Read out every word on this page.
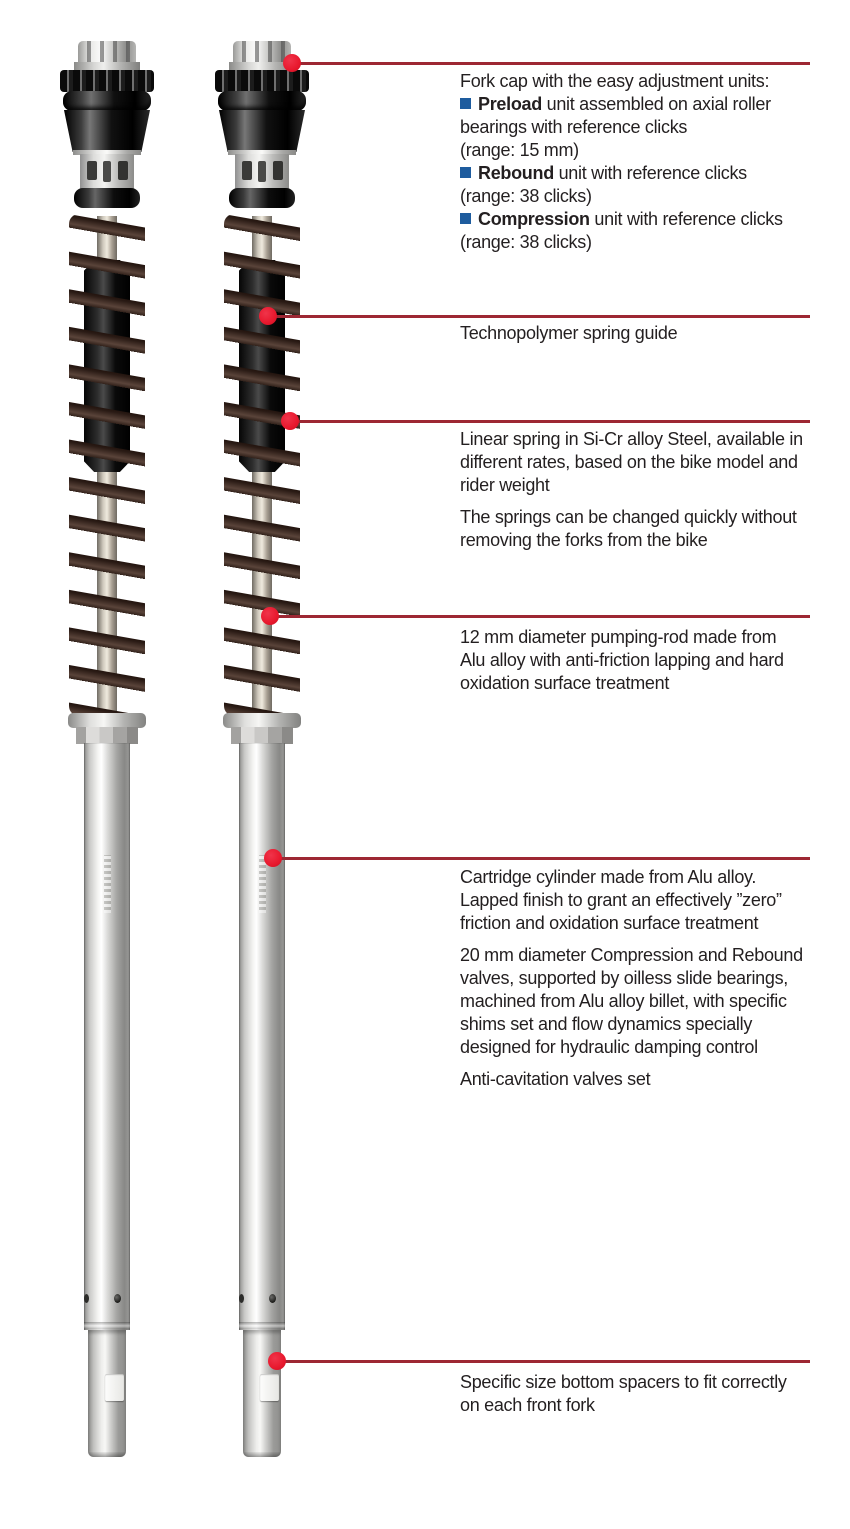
Fork cap with the easy adjustment units:

Preload unit assembled on axial roller
bearings with reference clicks
(range: 15 mm)
Rebound unit with reference clicks
(range: 38 clicks)
Compression unit with reference clicks
(range: 38 clicks)

Technopolymer spring guide

Linear spring in Si-Cr alloy Steel, available in
different rates, based on the bike model and
rider weight

The springs can be changed quickly without
removing the forks from the bike

12 mm diameter pumping-rod made from
Alu alloy with anti-friction lapping and hard
oxidation surface treatment

Cartridge cylinder made from Alu alloy.
Lapped finish to grant an effectively ”zero”
friction and oxidation surface treatment

20 mm diameter Compression and Rebound
valves, supported by oilless slide bearings,
machined from Alu alloy billet, with specific
shims set and flow dynamics specially
designed for hydraulic damping control

Anti-cavitation valves set

Specific size bottom spacers to fit correctly
on each front fork
